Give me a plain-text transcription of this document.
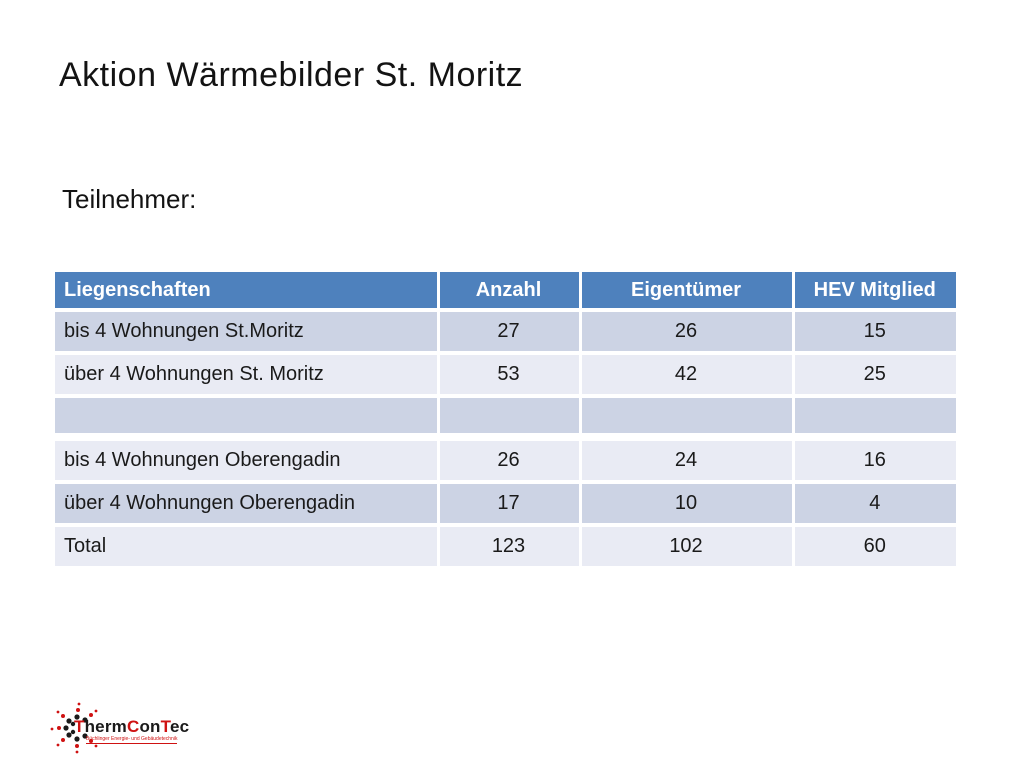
Aktion Wärmebilder St. Moritz
Teilnehmer:
Liegenschaften	Anzahl	Eigentümer	HEV Mitglied
bis 4 Wohnungen St.Moritz	27	26	15
über 4 Wohnungen St. Moritz	53	42	25

bis 4 Wohnungen Oberengadin	26	24	16
über 4 Wohnungen Oberengadin	17	10	4
Total	123	102	60
ThermConTec
Büchlinger Energie- und Gebäudetechnik
